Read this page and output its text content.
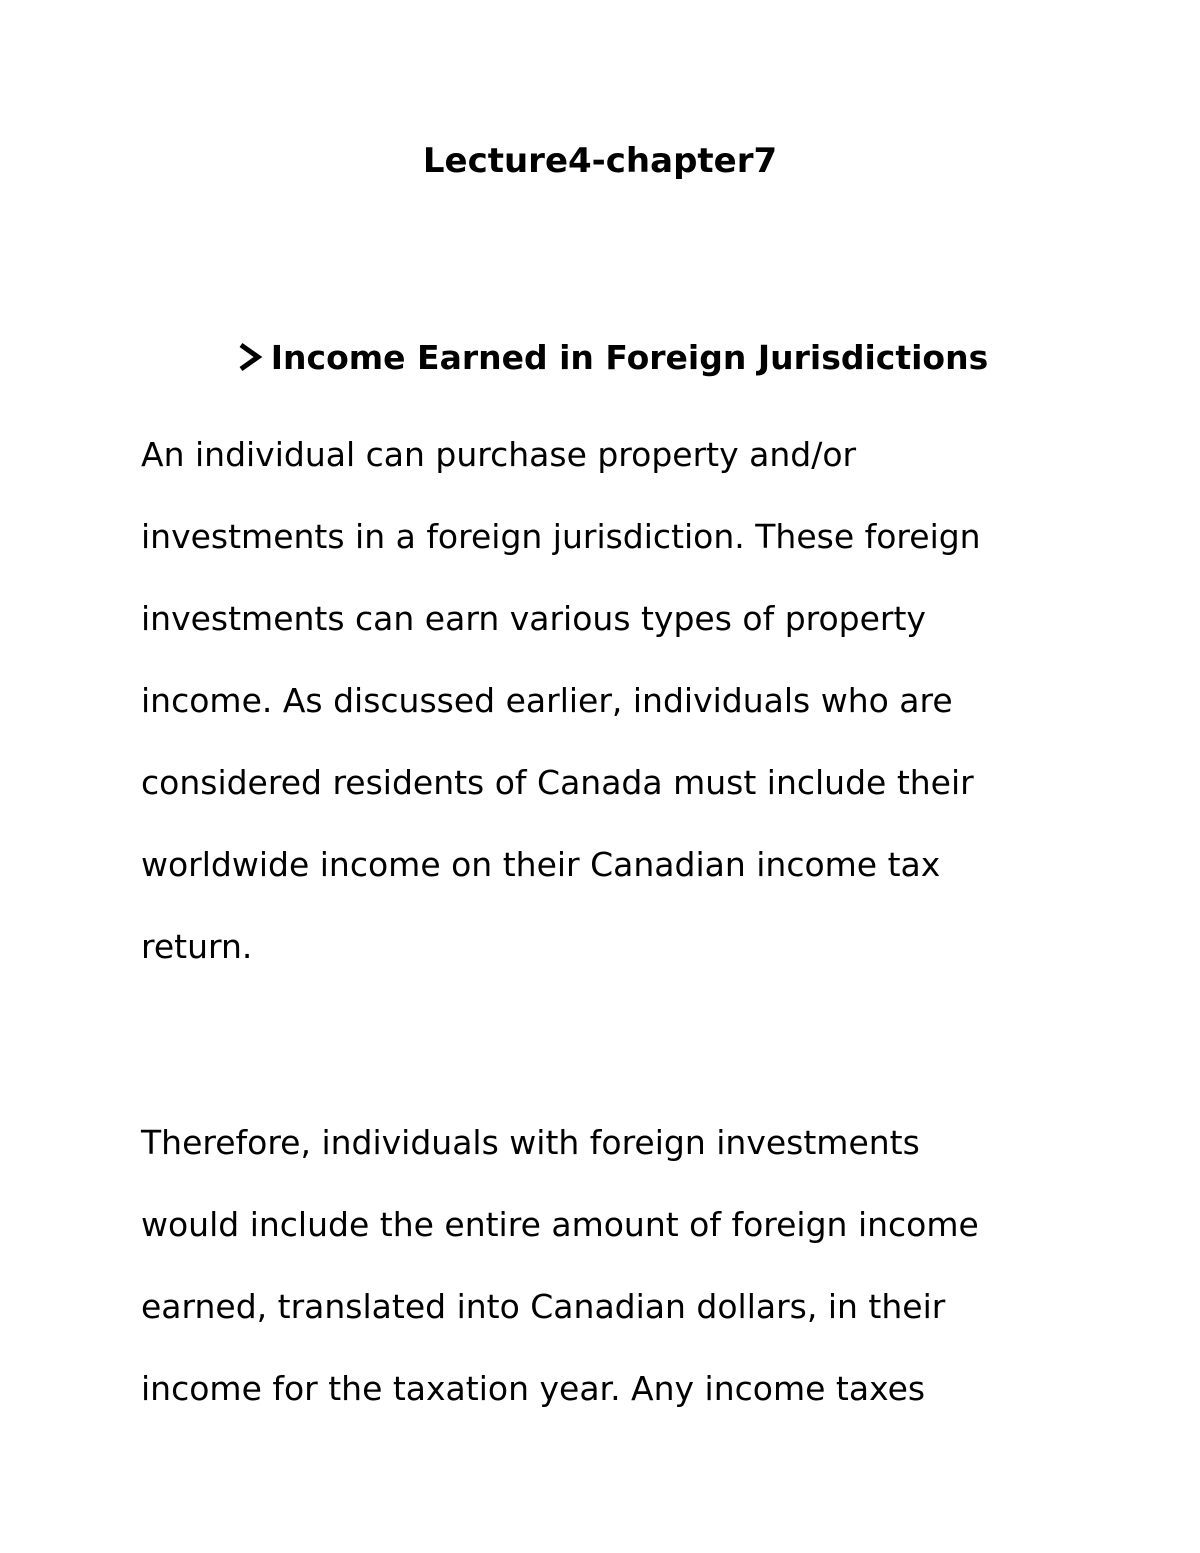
Lecture4-chapter7
Income Earned in Foreign Jurisdictions

An individual can purchase property and/or
investments in a foreign jurisdiction. These foreign
investments can earn various types of property
income. As discussed earlier, individuals who are
considered residents of Canada must include their
worldwide income on their Canadian income tax
return.

Therefore, individuals with foreign investments
would include the entire amount of foreign income
earned, translated into Canadian dollars, in their
income for the taxation year. Any income taxes
